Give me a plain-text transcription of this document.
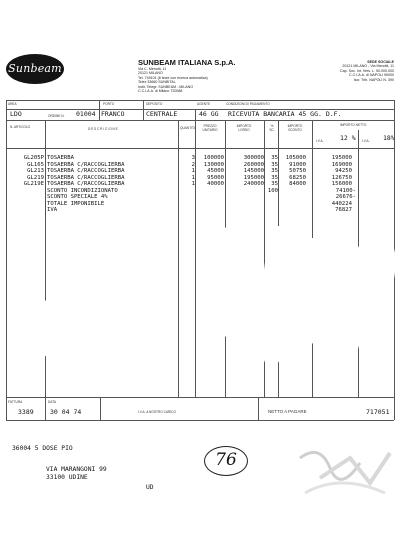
Sunbeam	SUNBEAM ITALIANA S.p.A.
Via C. Menotti, 11
20121 MILANO
Tel. 749101 (8 linee con ricerca automatica)
Telex 33660 SUNBITAL
Indir. Telegr. SUNBEAM - MILANO
C.C.I.A.A. di Milano 720088
SEDE SOCIALE
20121 MILANO - Via Menotti, 11
Cap. Soc. Int. Vers. L. 50.000.000
C.C.I.A.A. di NAPOLI 90000
Iscr. Trib. NAPOLI N. 390
AREA	PORTO	DEPOSITO	AGENTE	CONDIZIONI DI PAGAMENTO
ORDINE N.
IMPORTO NETTO
LDO	01004 FRANCO	CENTRALE	46 GG RICEVUTA BANCARIA 45 GG. D.F.
N. ARTICOLO	DESCRIZIONE	QUANTITA	PREZZO UNITARIO
IMPORTO LORDO
% SC.
IMPORTO SCONTO
I.V.A.	12 % I.V.A. 18%
GL205P TOSAERBA	3 100000	300000 35 105000	195000
GL165 TOSAERBA C/RACCOGLIERBA	2 130000	260000 35 91000	169000
GL213 TOSAERBA C/RACCOGLIERBA	1 45000	145000 35 50750	94250
GL219 TOSAERBA C/RACCOGLIERBA	1 95000	195000 35 68250	126750
GL219E TOSAERBA C/RACCOGLIERBA	1 40000	240000 35 84000	156000
SCONTO INCONDIZIONATO	100	74100-
SCONTO SPECIALE 4%	26676-
TOTALE IMPONIBILE	440224
IVA	76827
FATTURA
3389
DATA
30 04 74	I.V.A. A NOSTRO CARICO	NETTO A PAGARE	717051
36004 5 DOSE PIO
VIA MARANGONI 99
33100 UDINE
UD
76
